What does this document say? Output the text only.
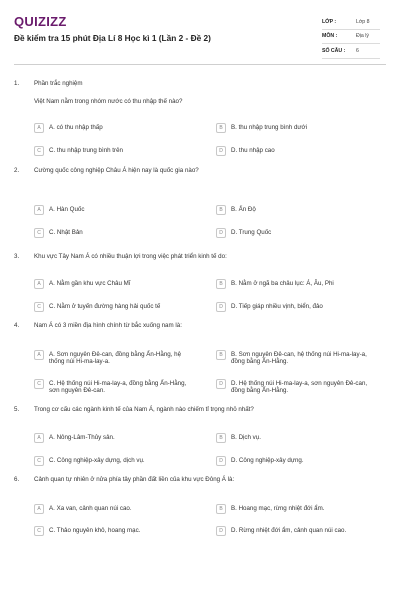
QUIZIZZ
Đề kiểm tra 15 phút Địa Lí 8 Học kì 1 (Lần 2 - Đề 2)
LỚP :	Lớp 8
MÔN :	Địa lý
SỐ CÂU :	6
1.	Phần trắc nghiệm
Việt Nam nằm trong nhóm nước có thu nhập thế nào?
A	A. có thu nhập thấp	B	B. thu nhập trung bình dưới
C	C. thu nhập trung bình trên	D	D. thu nhập cao
2.	Cường quốc công nghiệp Châu Á hiện nay là quốc gia nào?
A	A. Hàn Quốc	B	B. Ấn Độ
C	C. Nhật Bản	D	D. Trung Quốc
3.	Khu vực Tây Nam Á có nhiều thuận lợi trong việc phát triển kinh tế do:
A	A. Nằm gần khu vực Châu Mĩ	B	B. Nằm ở ngã ba châu lục: Á, Âu, Phi
C	C. Nằm ở tuyến đường hàng hải quốc tế	D	D. Tiếp giáp nhiều vịnh, biển, đảo
4.	Nam Á có 3 miền địa hình chính từ bắc xuống nam là:
A	A. Sơn nguyên Đê-can, đồng bằng Ấn-Hằng, hệ thống núi Hi-ma-lay-a.
B	B. Sơn nguyên Đê-can, hệ thống núi Hi-ma-lay-a, đồng bằng Ấn-Hằng.
C	C. Hệ thống núi Hi-ma-lay-a, đồng bằng Ấn-Hằng, sơn nguyên Đê-can.
D	D. Hệ thống núi Hi-ma-lay-a, sơn nguyên Đê-can, đồng bằng Ấn-Hằng.
5.	Trong cơ cấu các ngành kinh tế của Nam Á, ngành nào chiếm tỉ trọng nhỏ nhất?
A	A. Nông-Lâm-Thủy sản.	B	B. Dịch vụ.
C	C. Công nghiệp-xây dựng, dịch vụ.	D	D. Công nghiệp-xây dựng.
6.	Cảnh quan tự nhiên ở nửa phía tây phần đất liền của khu vực Đông Á là:
A	A. Xa van, cảnh quan núi cao.	B	B. Hoang mạc, rừng nhiệt đới ẩm.
C	C. Thảo nguyên khô, hoang mạc.	D	D. Rừng nhiệt đới ẩm, cảnh quan núi cao.
